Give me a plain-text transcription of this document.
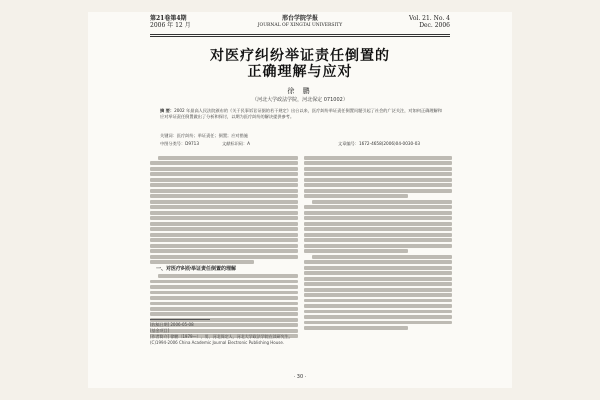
第21卷第4期
2006 年 12 月
邢台学院学报
JOURNAL OF XINGTAI UNIVERSITY
Vol. 21. No. 4
Dec. 2006
对医疗纠纷举证责任倒置的
正确理解与应对
徐 鹏
（河北大学政法学院，河北保定 071002）
摘 要：2002 年最高人民法院颁布的《关于民事诉讼证据的若干规定》出台以来，医疗纠纷举证责任倒置问题引起了社会的广泛关注，对如何正确理解和应对举证责任倒置做出了分析和探讨，以期为医疗纠纷的解决提供参考。
关键词：医疗纠纷；举证责任；倒置；应对措施
中图分类号：D9713	文献标识码：A	文章编号：1672-4658(2006)04-0030-03
一、对医疗纠纷举证责任倒置的理解
[收稿日期] 2006-05-08
[基金项目]
[作者简介] 徐鹏（1979—），男，河北保定人，河北大学政法学院在读研究生。
(C)1994-2006 China Academic Journal Electronic Publishing House.
· 30 ·
